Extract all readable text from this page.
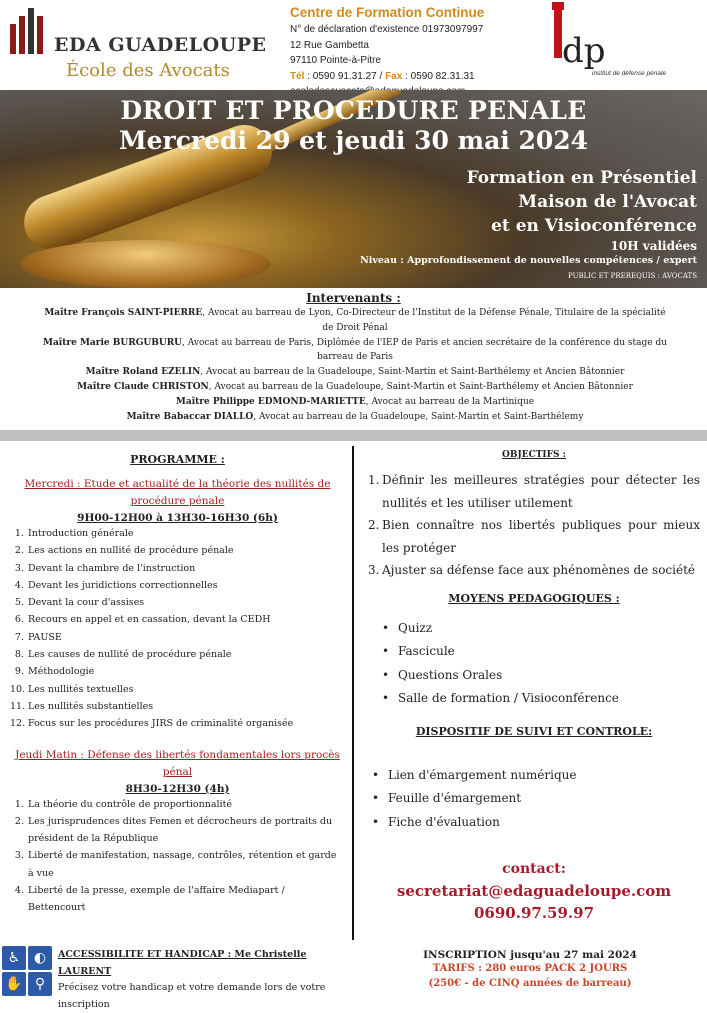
EDA GUADELOUPE
École des Avocats
Centre de Formation Continue
N° de déclaration d'existence 01973097997
12 Rue Gambetta
97110 Pointe-à-Pitre
Tél : 0590 91.31.27 / Fax : 0590 82.31.31
dp
institut de défense pénale
DROIT ET PROCEDURE PENALE
Mercredi 29 et jeudi 30 mai 2024
Formation en Présentiel
Maison de l'Avocat
et en Visioconférence
10H validées
Niveau : Approfondissement de nouvelles compétences / expert
PUBLIC ET PREREQUIS : AVOCATS
Intervenants :

Maître François SAINT-PIERRE, Avocat au barreau de Lyon, Co-Directeur de l'Institut de la Défense Pénale, Titulaire de la spécialité de Droit Pénal

Maître Marie BURGUBURU, Avocat au barreau de Paris, Diplômée de l'IEP de Paris et ancien secrétaire de la conférence du stage du barreau de Paris

Maître Roland EZELIN, Avocat au barreau de la Guadeloupe, Saint-Martin et Saint-Barthélemy et Ancien Bâtonnier

Maître Claude CHRISTON, Avocat au barreau de la Guadeloupe, Saint-Martin et Saint-Barthélemy et Ancien Bâtonnier

Maître Philippe EDMOND-MARIETTE, Avocat au barreau de la Martinique

Maître Babaccar DIALLO, Avocat au barreau de la Guadeloupe, Saint-Martin et Saint-Barthélemy

PROGRAMME :
Mercredi : Etude et actualité de la théorie des nullités de procédure pénale
9H00-12H00 à 13H30-16H30 (6h)
1. Introduction générale
2. Les actions en nullité de procédure pénale
3. Devant la chambre de l'instruction
4. Devant les juridictions correctionnelles
5. Devant la cour d'assises
6. Recours en appel et en cassation, devant la CEDH
7. PAUSE
8. Les causes de nullité de procédure pénale
9. Méthodologie
10. Les nullités textuelles
11. Les nullités substantielles
12. Focus sur les procédures JIRS de criminalité organisée
Jeudi Matin : Défense des libertés fondamentales lors procès pénal
8H30-12H30 (4h)
1. La théorie du contrôle de proportionnalité
2. Les jurisprudences dites Femen et décrocheurs de portraits du président de la République
3. Liberté de manifestation, nassage, contrôles, rétention et garde à vue
4. Liberté de la presse, exemple de l'affaire Mediapart / Bettencourt
OBJECTIFS :
1. Définir les meilleures stratégies pour détecter les nullités et les utiliser utilement
2. Bien connaître nos libertés publiques pour mieux les protéger
3. Ajuster sa défense face aux phénomènes de société
MOYENS PEDAGOGIQUES :
• Quizz
• Fascicule
• Questions Orales
• Salle de formation / Visioconférence
DISPOSITIF DE SUIVI ET CONTROLE:
• Lien d'émargement numérique
• Feuille d'émargement
• Fiche d'évaluation
contact:
secretariat@edaguadeloupe.com
0690.97.59.97
♿ ◐
✋ ⚲
ACCESSIBILITE ET HANDICAP : Me Christelle LAURENT
Précisez votre handicap et votre demande lors de votre inscription
INSCRIPTION jusqu'au 27 mai 2024
TARIFS : 280 euros PACK 2 JOURS
(250€ - de CINQ années de barreau)
